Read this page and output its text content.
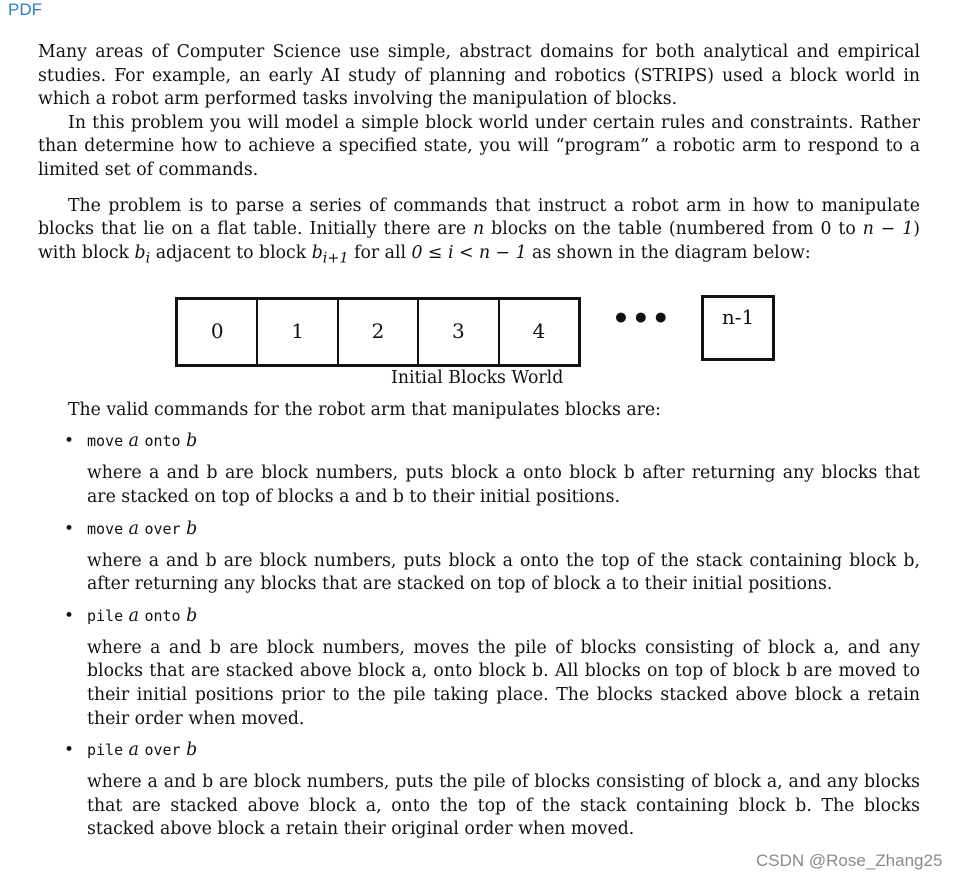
PDF

Many areas of Computer Science use simple, abstract domains for both analytical and empirical studies. For example, an early AI study of planning and robotics (STRIPS) used a block world in which a robot arm performed tasks involving the manipulation of blocks.

In this problem you will model a simple block world under certain rules and constraints. Rather than determine how to achieve a specified state, you will “program” a robotic arm to respond to a limited set of commands.

The problem is to parse a series of commands that instruct a robot arm in how to manipulate blocks that lie on a flat table. Initially there are n blocks on the table (numbered from 0 to n − 1) with block $b_i$ adjacent to block $b_{i+1}$ for all 0 ≤ i < n − 1 as shown in the diagram below:

0	1	2	3	4	•••	n-1
Initial Blocks World

The valid commands for the robot arm that manipulates blocks are:

• move a onto b
where a and b are block numbers, puts block a onto block b after returning any blocks that are stacked on top of blocks a and b to their initial positions.
• move a over b
where a and b are block numbers, puts block a onto the top of the stack containing block b, after returning any blocks that are stacked on top of block a to their initial positions.
• pile a onto b
where a and b are block numbers, moves the pile of blocks consisting of block a, and any blocks that are stacked above block a, onto block b. All blocks on top of block b are moved to their initial positions prior to the pile taking place. The blocks stacked above block a retain their order when moved.
• pile a over b
where a and b are block numbers, puts the pile of blocks consisting of block a, and any blocks that are stacked above block a, onto the top of the stack containing block b. The blocks stacked above block a retain their original order when moved.
CSDN @Rose_Zhang25
